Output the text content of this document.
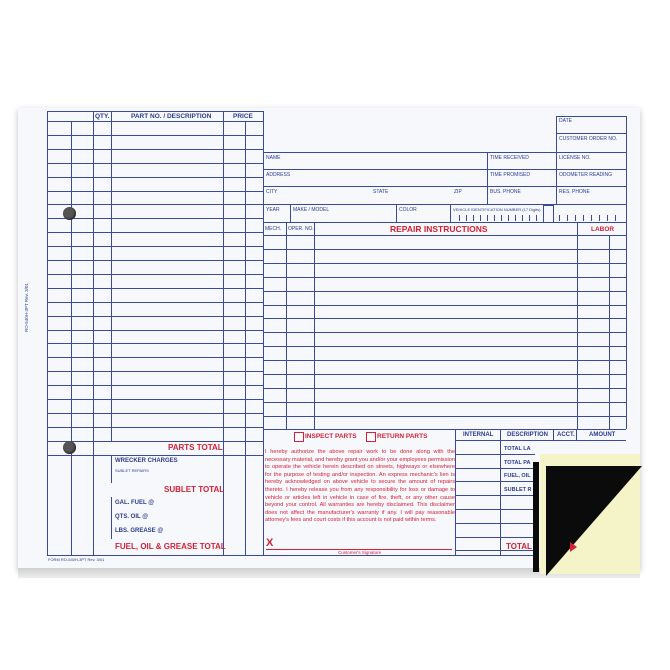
QTY.	PART NO. / DESCRIPTION	PRICE
PARTS TOTAL
WRECKER CHARGES
SUBLET REPAIRS
SUBLET TOTAL
GAL. FUEL @
QTS. OIL @
LBS. GREASE @
FUEL, OIL & GREASE TOTAL
FORM RO-540H-3PT Rev. 3/01
RO-540H-3PT Rev. 3/01
DATE
CUSTOMER ORDER NO.
NAME	TIME RECEIVED	LICENSE NO.
ADDRESS	TIME PROMISED	ODOMETER READING
CITY	STATE	ZIP	BUS. PHONE	RES. PHONE
YEAR	MAKE / MODEL	COLOR	VEHICLE IDENTIFICATION NUMBER (17 Digits)
MECH. OPER. NO.	REPAIR INSTRUCTIONS	LABOR
INSPECT PARTS	RETURN PARTS
I hereby authorize the above repair work to be done along with the necessary material, and hereby grant you and/or your employees permission to operate the vehicle herein described on streets, highways or elsewhere for the purpose of testing and/or inspection. An express mechanic's lien is hereby acknowledged on above vehicle to secure the amount of repairs thereto. I hereby release you from any responsibility for loss or damage to vehicle or articles left in vehicle in case of fire, theft, or any other cause beyond your control. All warranties are hereby disclaimed. This disclaimer does not affect the manufacturer's warranty if any. I will pay reasonable attorney's fees and court costs if this account is not paid within terms.
X
Customer's Signature
INTERNAL DESCRIPTION ACCT. AMOUNT
TOTAL LA
TOTAL PA
FUEL, OIL
SUBLET R
TOTAL
